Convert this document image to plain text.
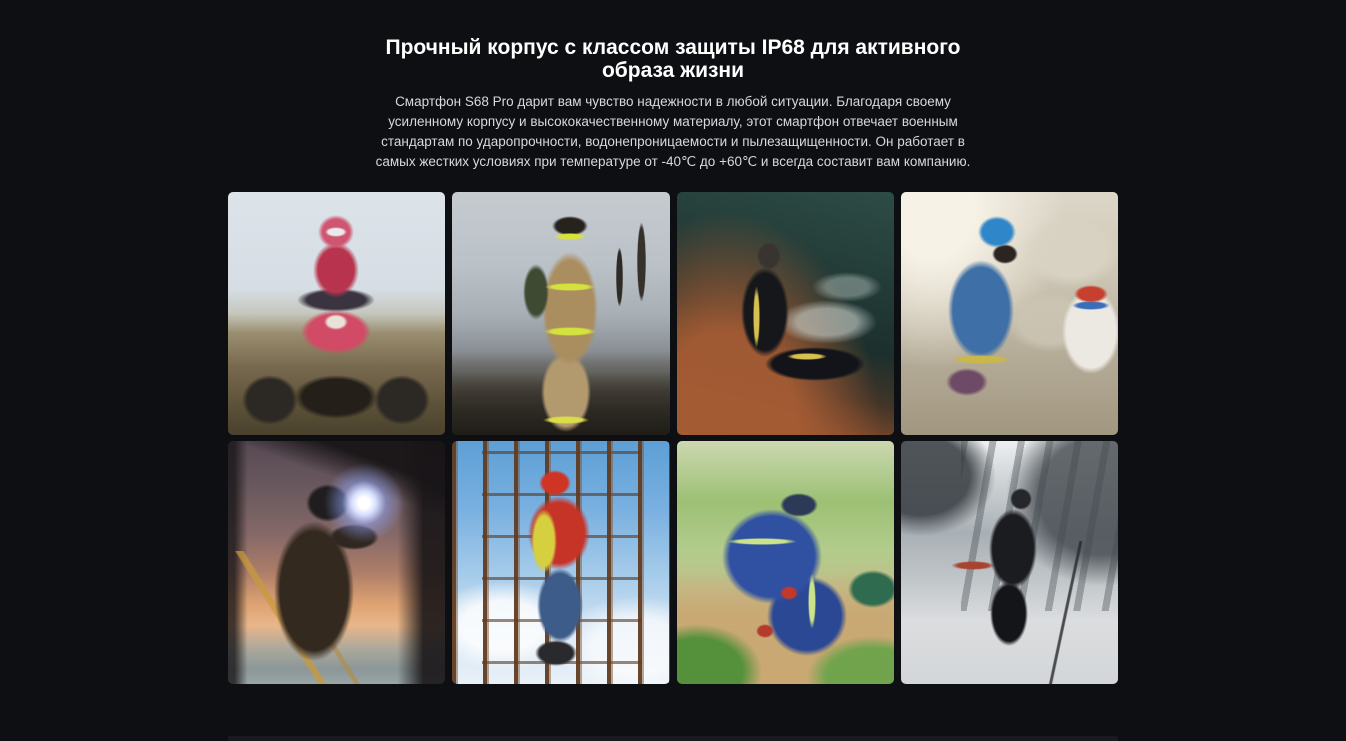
Прочный корпус с классом защиты IP68 для активного образа жизни

Смартфон S68 Pro дарит вам чувство надежности в любой ситуации. Благодаря своему усиленному корпусу и высококачественному материалу, этот смартфон отвечает военным стандартам по ударопрочности, водонепроницаемости и пылезащищенности. Он работает в самых жестких условиях при температуре от -40℃ до +60℃ и всегда составит вам компанию.
